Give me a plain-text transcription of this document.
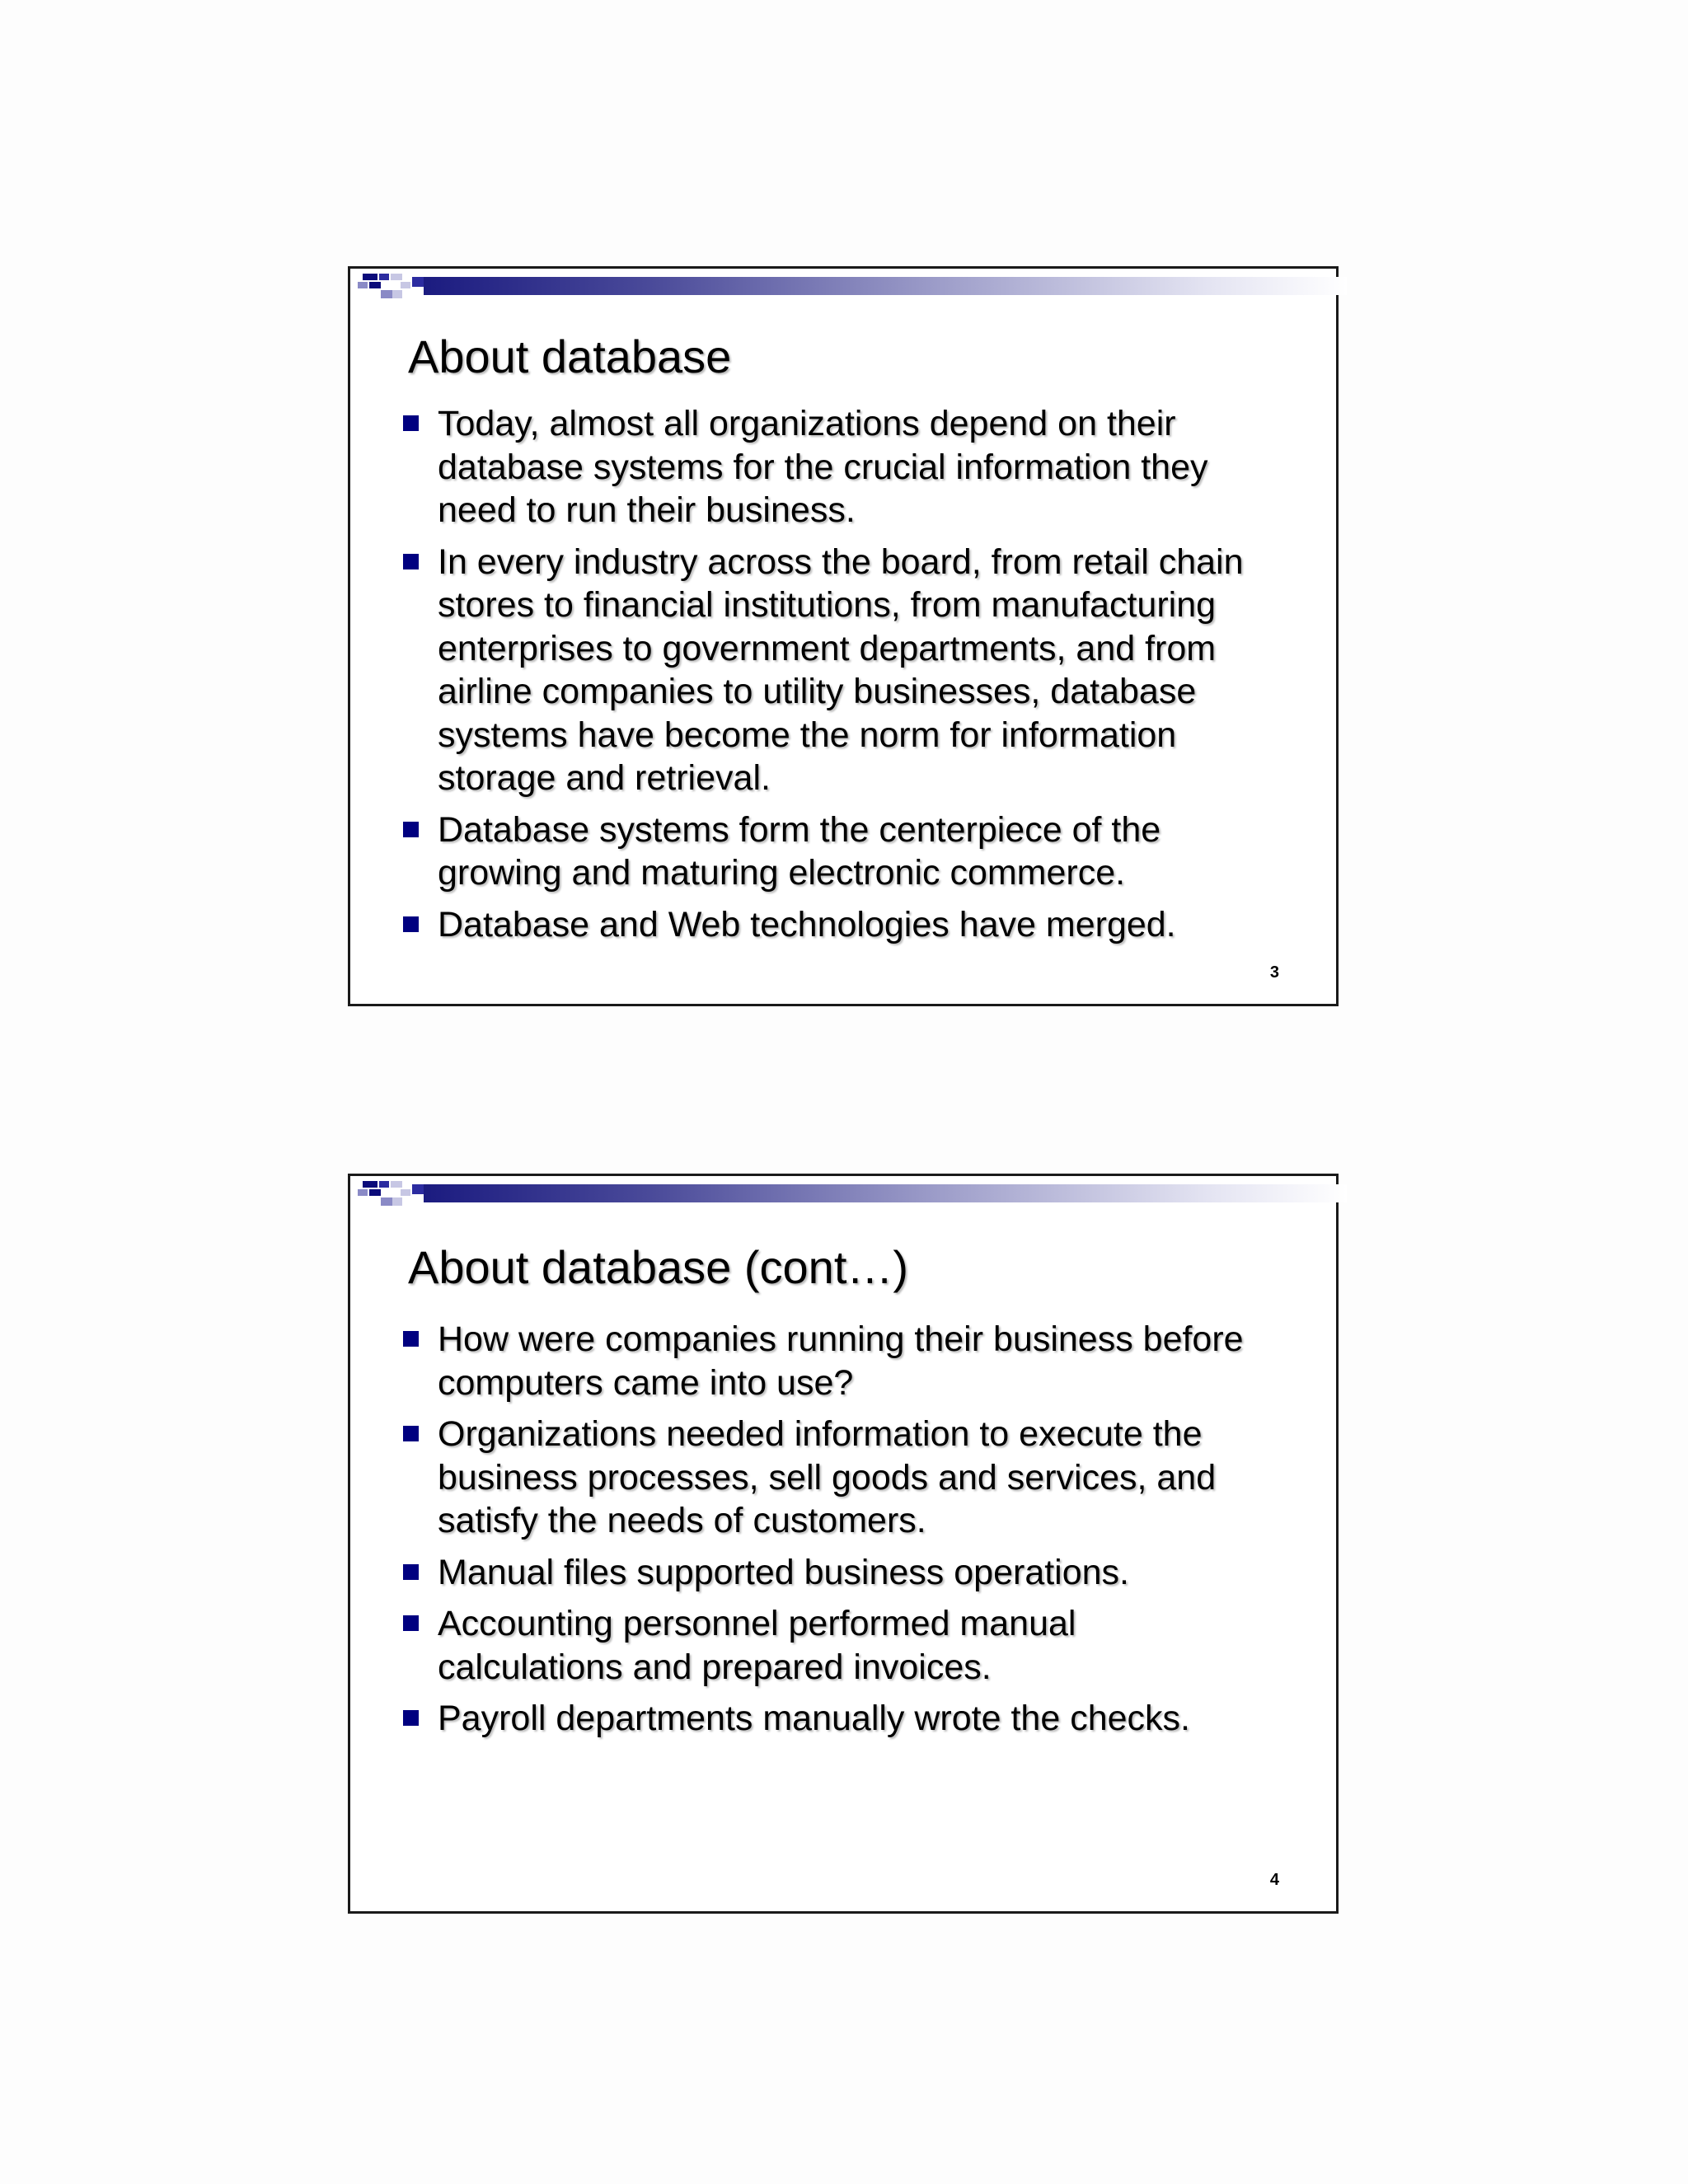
About database
Today, almost all organizations depend on their
database systems for the crucial information they
need to run their business.
In every industry across the board, from retail chain
stores to financial institutions, from manufacturing
enterprises to government departments, and from
airline companies to utility businesses, database
systems have become the norm for information
storage and retrieval.
Database systems form the centerpiece of the
growing and maturing electronic commerce.
Database and Web technologies have merged.
3
About database (cont…)
How were companies running their business before
computers came into use?
Organizations needed information to execute the
business processes, sell goods and services, and
satisfy the needs of customers.
Manual files supported business operations.
Accounting personnel performed manual
calculations and prepared invoices.
Payroll departments manually wrote the checks.
4
